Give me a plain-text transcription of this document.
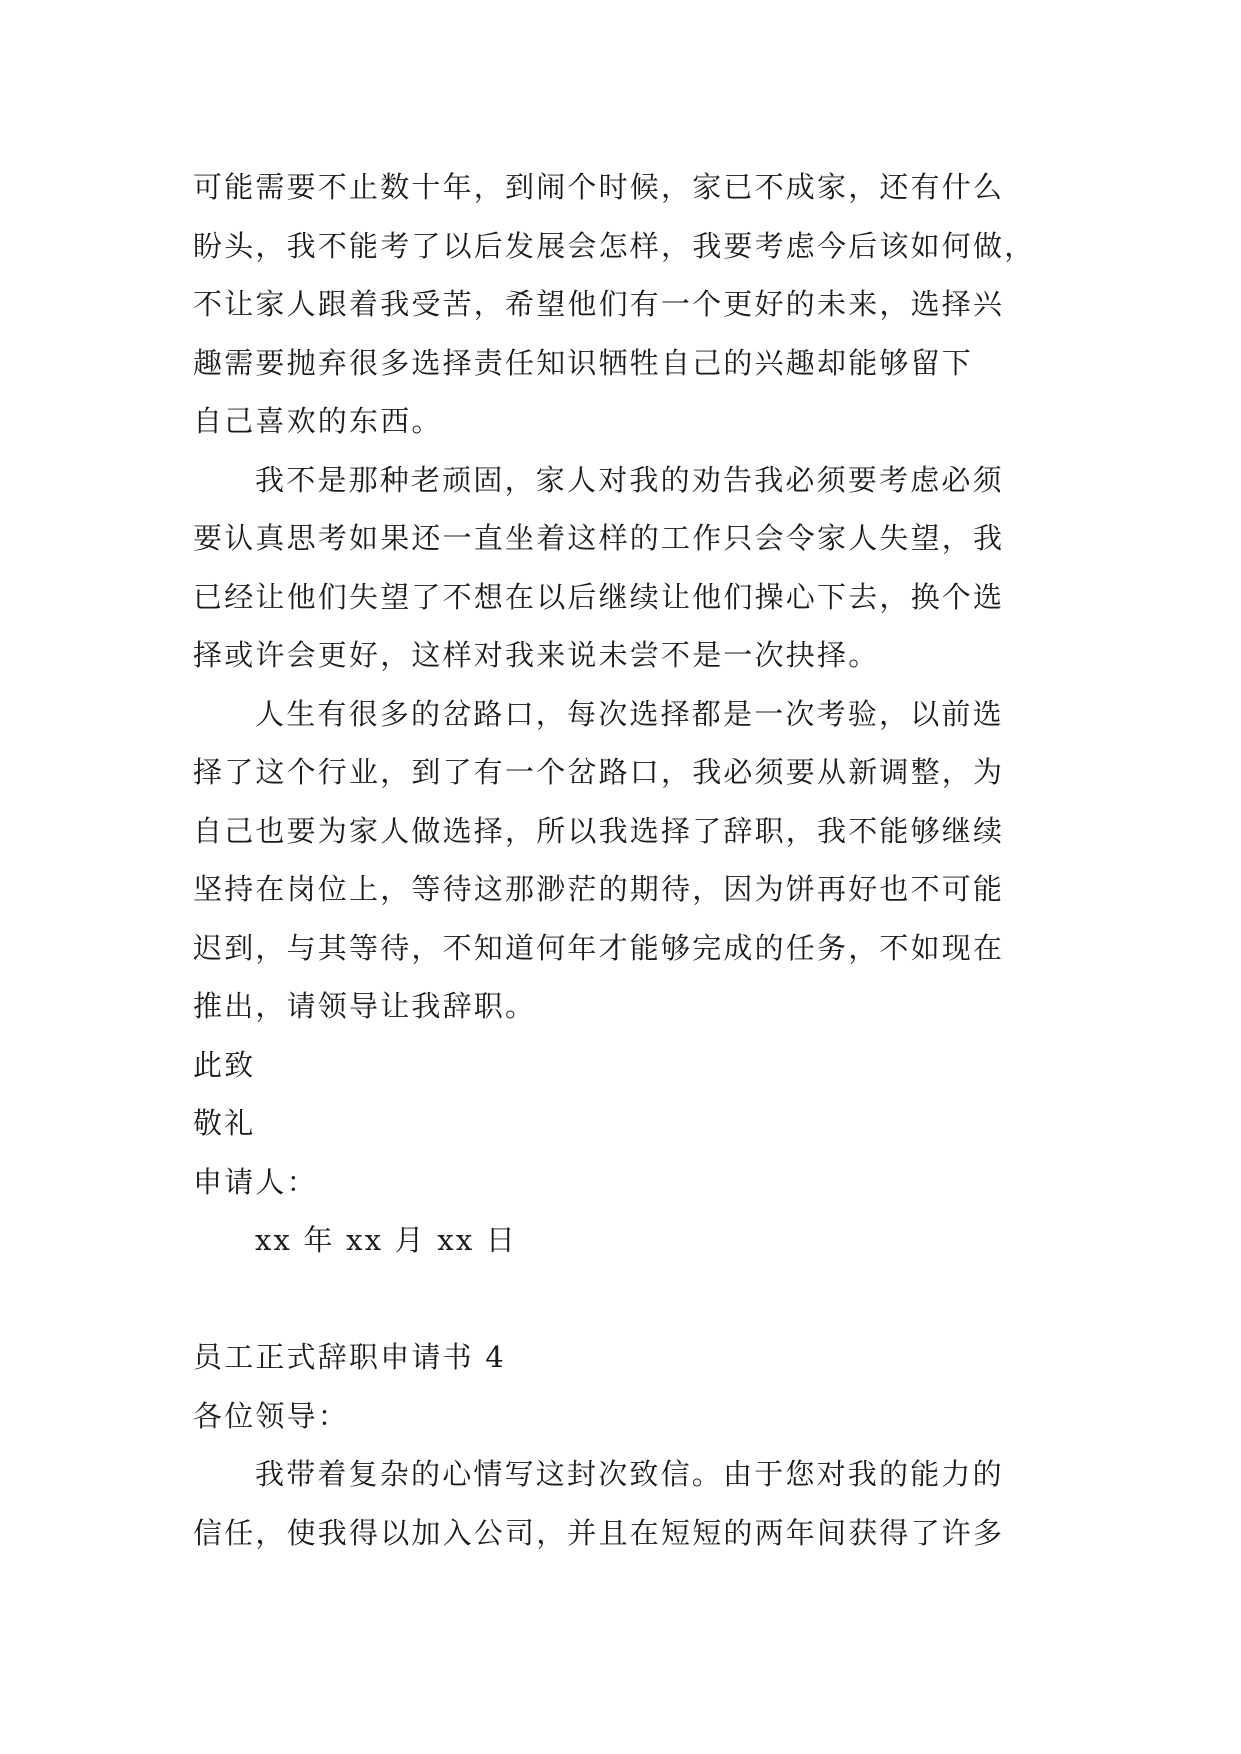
可能需要不止数十年，到闹个时候，家已不成家，还有什么
盼头，我不能考了以后发展会怎样，我要考虑今后该如何做，
不让家人跟着我受苦，希望他们有一个更好的未来，选择兴
趣需要抛弃很多选择责任知识牺牲自己的兴趣却能够留下
自己喜欢的东西。
我不是那种老顽固，家人对我的劝告我必须要考虑必须
要认真思考如果还一直坐着这样的工作只会令家人失望，我
已经让他们失望了不想在以后继续让他们操心下去，换个选
择或许会更好，这样对我来说未尝不是一次抉择。
人生有很多的岔路口，每次选择都是一次考验，以前选
择了这个行业，到了有一个岔路口，我必须要从新调整，为
自己也要为家人做选择，所以我选择了辞职，我不能够继续
坚持在岗位上，等待这那渺茫的期待，因为饼再好也不可能
迟到，与其等待，不知道何年才能够完成的任务，不如现在
推出，请领导让我辞职。
此致
敬礼
申请人：
xx 年 xx 月 xx 日
员工正式辞职申请书 4
各位领导：
我带着复杂的心情写这封次致信。由于您对我的能力的
信任，使我得以加入公司，并且在短短的两年间获得了许多
